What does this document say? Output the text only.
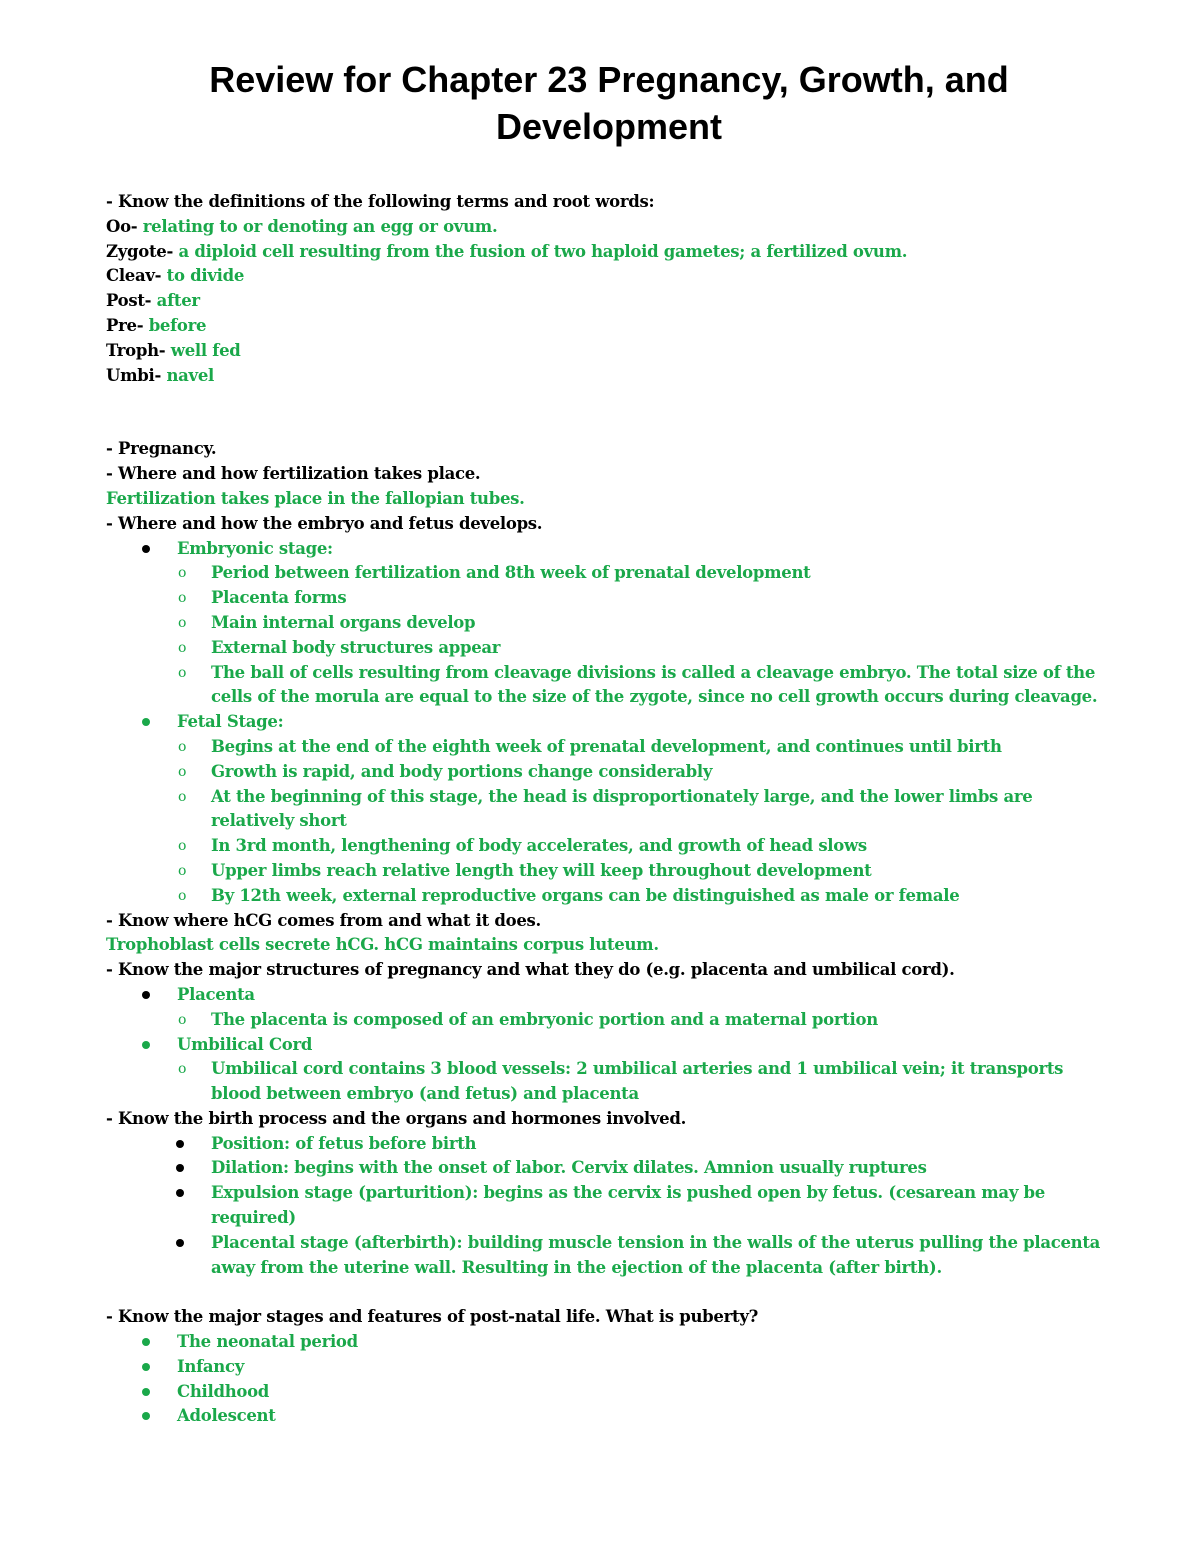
Review for Chapter 23 Pregnancy, Growth, and Development
- Know the definitions of the following terms and root words:
Oo- relating to or denoting an egg or ovum.
Zygote- a diploid cell resulting from the fusion of two haploid gametes; a fertilized ovum.
Cleav- to divide
Post- after
Pre- before
Troph- well fed
Umbi- navel
- Pregnancy.
- Where and how fertilization takes place.
Fertilization takes place in the fallopian tubes.
- Where and how the embryo and fetus develops.
Embryonic stage:
o Period between fertilization and 8th week of prenatal development
o Placenta forms
o Main internal organs develop
o External body structures appear
o The ball of cells resulting from cleavage divisions is called a cleavage embryo. The total size of the cells of the morula are equal to the size of the zygote, since no cell growth occurs during cleavage.
Fetal Stage:
o Begins at the end of the eighth week of prenatal development, and continues until birth
o Growth is rapid, and body portions change considerably
o At the beginning of this stage, the head is disproportionately large, and the lower limbs are relatively short
o In 3rd month, lengthening of body accelerates, and growth of head slows
o Upper limbs reach relative length they will keep throughout development
o By 12th week, external reproductive organs can be distinguished as male or female
- Know where hCG comes from and what it does.
Trophoblast cells secrete hCG. hCG maintains corpus luteum.
- Know the major structures of pregnancy and what they do (e.g. placenta and umbilical cord).
Placenta
o The placenta is composed of an embryonic portion and a maternal portion
Umbilical Cord
o Umbilical cord contains 3 blood vessels: 2 umbilical arteries and 1 umbilical vein; it transports blood between embryo (and fetus) and placenta
- Know the birth process and the organs and hormones involved.
Position: of fetus before birth
Dilation: begins with the onset of labor. Cervix dilates. Amnion usually ruptures
Expulsion stage (parturition): begins as the cervix is pushed open by fetus. (cesarean may be required)
Placental stage (afterbirth): building muscle tension in the walls of the uterus pulling the placenta away from the uterine wall. Resulting in the ejection of the placenta (after birth).
- Know the major stages and features of post-natal life. What is puberty?
The neonatal period
Infancy
Childhood
Adolescent
